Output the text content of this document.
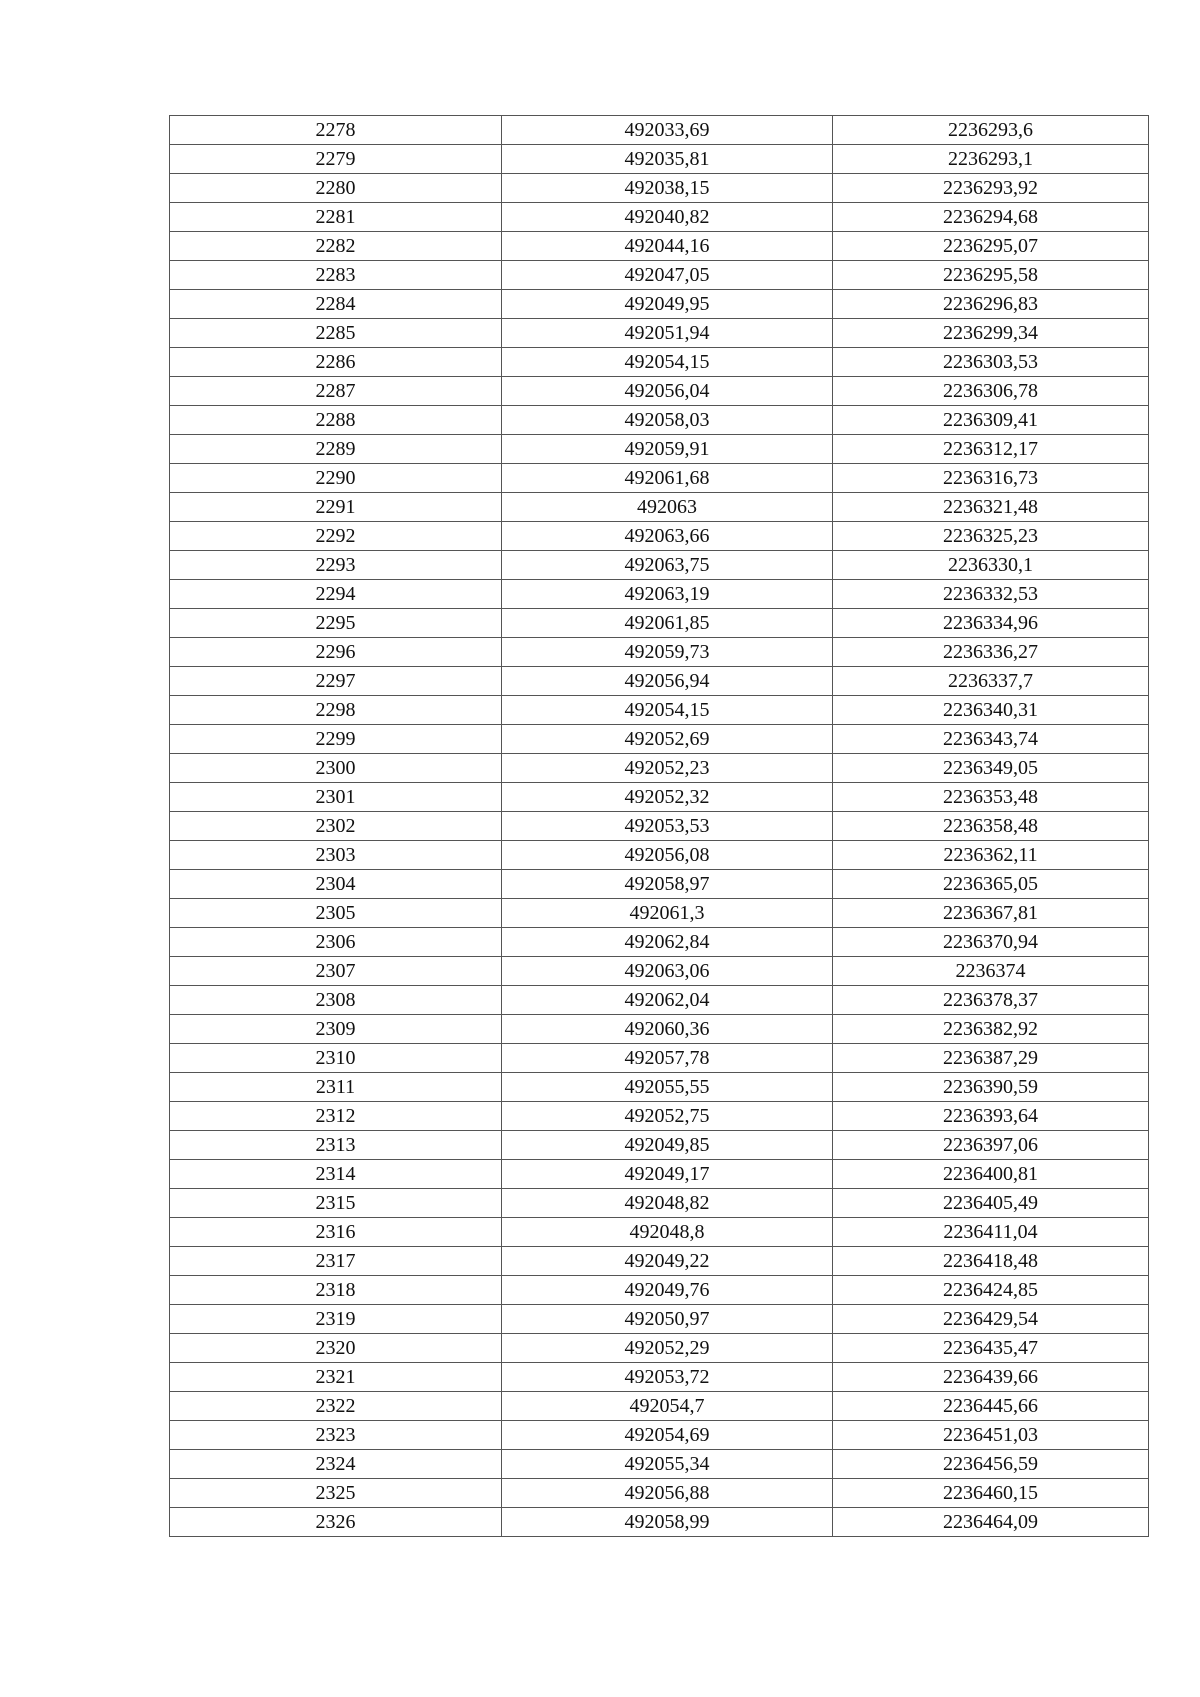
2278	492033,69	2236293,6
2279	492035,81	2236293,1
2280	492038,15	2236293,92
2281	492040,82	2236294,68
2282	492044,16	2236295,07
2283	492047,05	2236295,58
2284	492049,95	2236296,83
2285	492051,94	2236299,34
2286	492054,15	2236303,53
2287	492056,04	2236306,78
2288	492058,03	2236309,41
2289	492059,91	2236312,17
2290	492061,68	2236316,73
2291	492063	2236321,48
2292	492063,66	2236325,23
2293	492063,75	2236330,1
2294	492063,19	2236332,53
2295	492061,85	2236334,96
2296	492059,73	2236336,27
2297	492056,94	2236337,7
2298	492054,15	2236340,31
2299	492052,69	2236343,74
2300	492052,23	2236349,05
2301	492052,32	2236353,48
2302	492053,53	2236358,48
2303	492056,08	2236362,11
2304	492058,97	2236365,05
2305	492061,3	2236367,81
2306	492062,84	2236370,94
2307	492063,06	2236374
2308	492062,04	2236378,37
2309	492060,36	2236382,92
2310	492057,78	2236387,29
2311	492055,55	2236390,59
2312	492052,75	2236393,64
2313	492049,85	2236397,06
2314	492049,17	2236400,81
2315	492048,82	2236405,49
2316	492048,8	2236411,04
2317	492049,22	2236418,48
2318	492049,76	2236424,85
2319	492050,97	2236429,54
2320	492052,29	2236435,47
2321	492053,72	2236439,66
2322	492054,7	2236445,66
2323	492054,69	2236451,03
2324	492055,34	2236456,59
2325	492056,88	2236460,15
2326	492058,99	2236464,09
